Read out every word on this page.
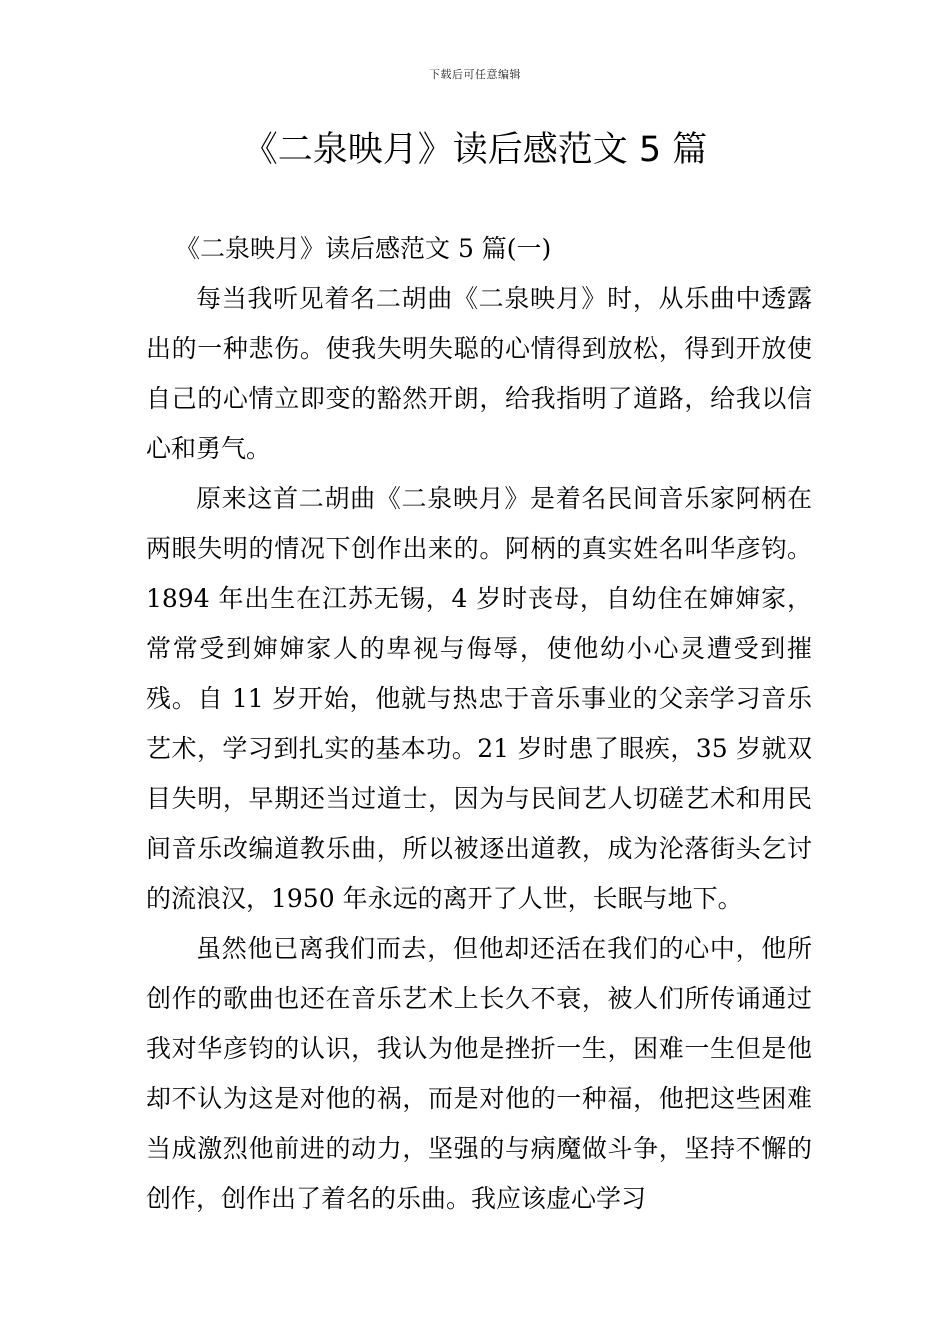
下载后可任意编辑
《二泉映月》读后感范文 5 篇

《二泉映月》读后感范文 5 篇(一)

每当我听见着名二胡曲《二泉映月》时，从乐曲中透露出的一种悲伤。使我失明失聪的心情得到放松，得到开放使自己的心情立即变的豁然开朗，给我指明了道路，给我以信心和勇气。

原来这首二胡曲《二泉映月》是着名民间音乐家阿柄在两眼失明的情况下创作出来的。阿柄的真实姓名叫华彦钧。1894 年出生在江苏无锡，4 岁时丧母，自幼住在婶婶家，常常受到婶婶家人的卑视与侮辱，使他幼小心灵遭受到摧残。自 11 岁开始，他就与热忠于音乐事业的父亲学习音乐艺术，学习到扎实的基本功。21 岁时患了眼疾，35 岁就双目失明，早期还当过道士，因为与民间艺人切磋艺术和用民间音乐改编道教乐曲，所以被逐出道教，成为沦落街头乞讨的流浪汉，1950 年永远的离开了人世，长眠与地下。

虽然他已离我们而去，但他却还活在我们的心中，他所创作的歌曲也还在音乐艺术上长久不衰，被人们所传诵通过我对华彦钧的认识，我认为他是挫折一生，困难一生但是他却不认为这是对他的祸，而是对他的一种福，他把这些困难当成激烈他前进的动力，坚强的与病魔做斗争，坚持不懈的创作，创作出了着名的乐曲。我应该虚心学习
